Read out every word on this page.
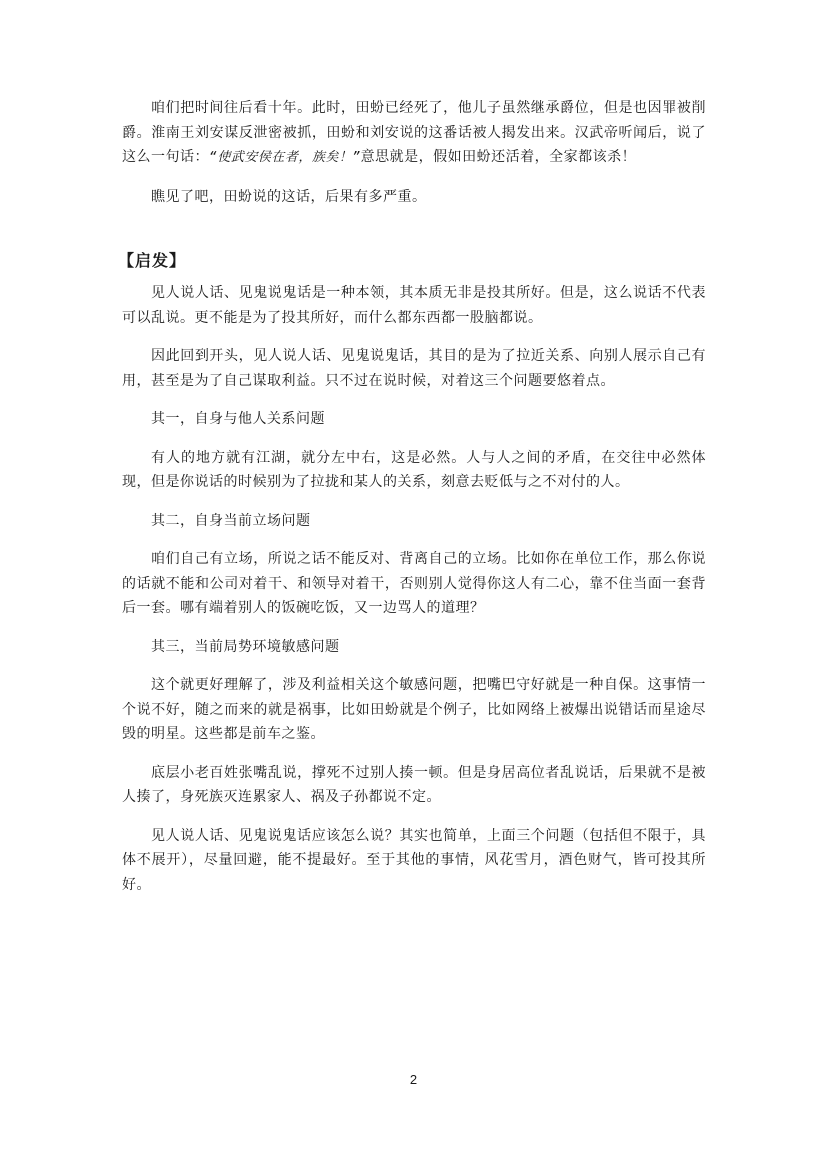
咱们把时间往后看十年。此时，田蚡已经死了，他儿子虽然继承爵位，但是也因罪被削爵。淮南王刘安谋反泄密被抓，田蚡和刘安说的这番话被人揭发出来。汉武帝听闻后，说了这么一句话：“使武安侯在者，族矣！”意思就是，假如田蚡还活着，全家都该杀！

瞧见了吧，田蚡说的这话，后果有多严重。

【启发】

见人说人话、见鬼说鬼话是一种本领，其本质无非是投其所好。但是，这么说话不代表可以乱说。更不能是为了投其所好，而什么都东西都一股脑都说。

因此回到开头，见人说人话、见鬼说鬼话，其目的是为了拉近关系、向别人展示自己有用，甚至是为了自己谋取利益。只不过在说时候，对着这三个问题要悠着点。

其一，自身与他人关系问题

有人的地方就有江湖，就分左中右，这是必然。人与人之间的矛盾，在交往中必然体现，但是你说话的时候别为了拉拢和某人的关系，刻意去贬低与之不对付的人。

其二，自身当前立场问题

咱们自己有立场，所说之话不能反对、背离自己的立场。比如你在单位工作，那么你说的话就不能和公司对着干、和领导对着干，否则别人觉得你这人有二心，靠不住当面一套背后一套。哪有端着别人的饭碗吃饭，又一边骂人的道理？

其三，当前局势环境敏感问题

这个就更好理解了，涉及利益相关这个敏感问题，把嘴巴守好就是一种自保。这事情一个说不好，随之而来的就是祸事，比如田蚡就是个例子，比如网络上被爆出说错话而星途尽毁的明星。这些都是前车之鉴。

底层小老百姓张嘴乱说，撑死不过别人揍一顿。但是身居高位者乱说话，后果就不是被人揍了，身死族灭连累家人、祸及子孙都说不定。

见人说人话、见鬼说鬼话应该怎么说？其实也简单，上面三个问题（包括但不限于，具体不展开），尽量回避，能不提最好。至于其他的事情，风花雪月，酒色财气，皆可投其所好。

2
